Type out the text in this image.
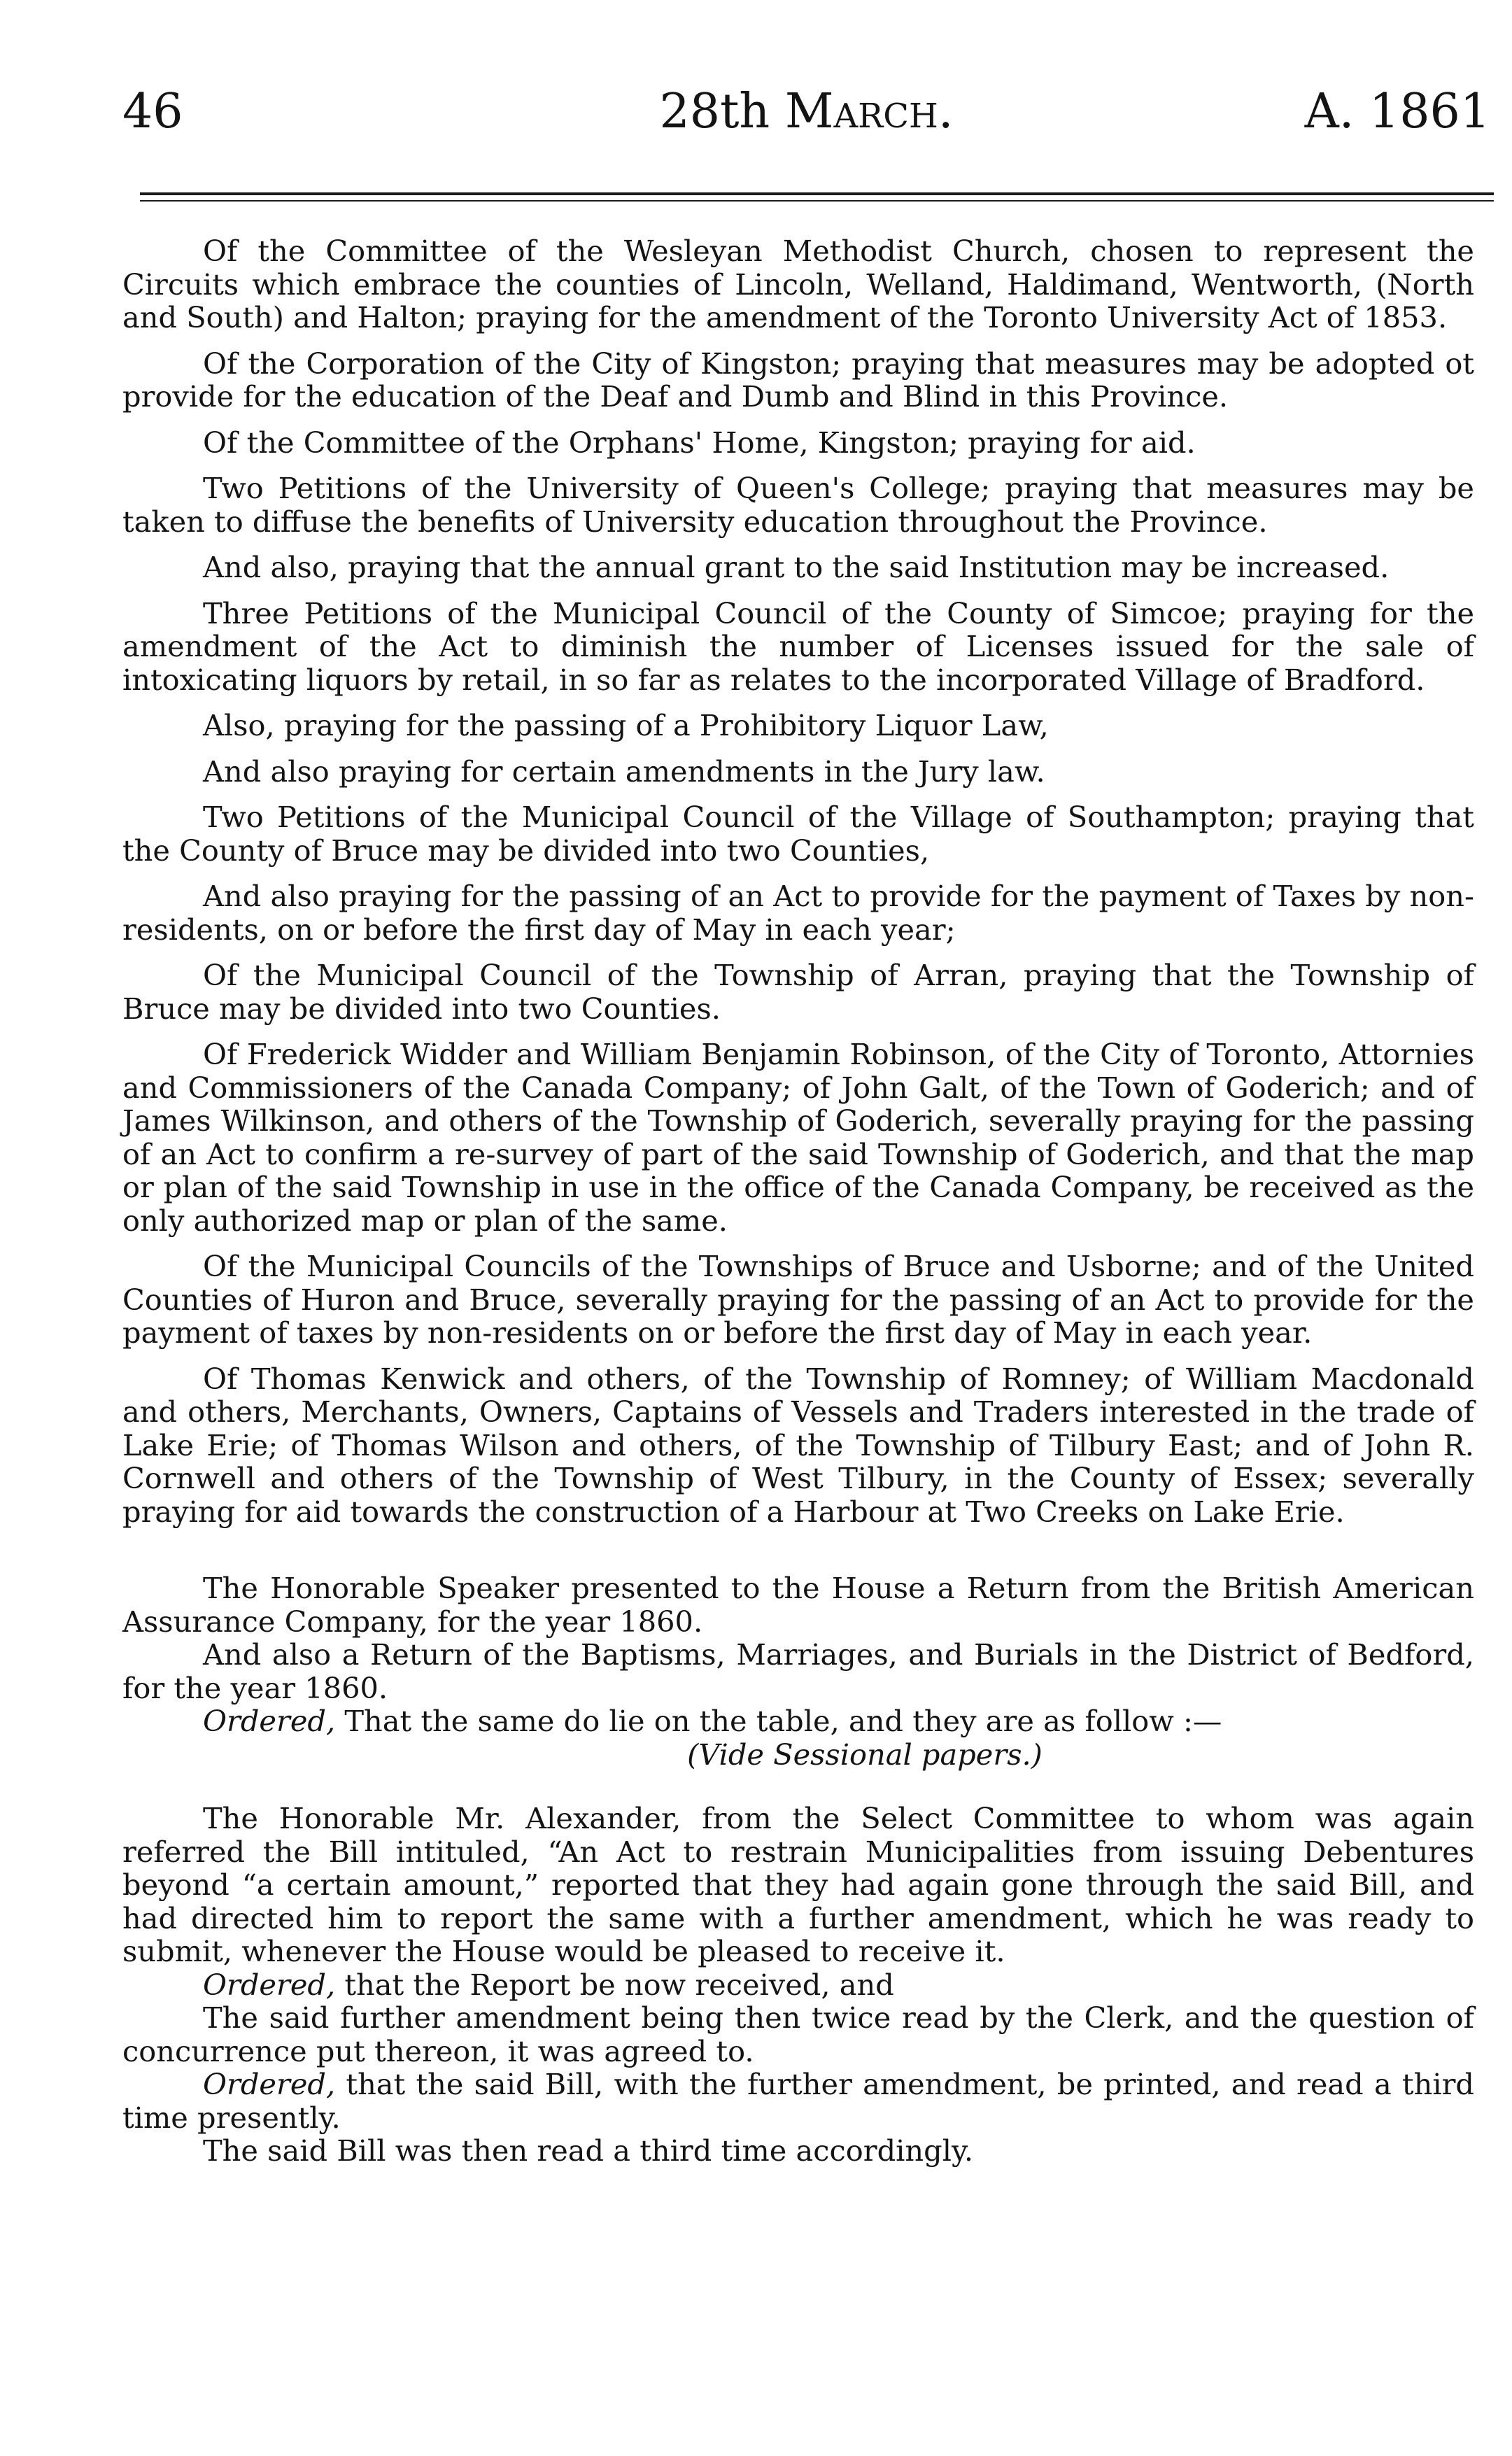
46	28th March.	A. 1861

Of the Committee of the Wesleyan Methodist Church, chosen to represent the Circuits which embrace the counties of Lincoln, Welland, Haldimand, Wentworth, (North and South) and Halton; praying for the amendment of the Toronto University Act of 1853.

Of the Corporation of the City of Kingston; praying that measures may be adopted ot provide for the education of the Deaf and Dumb and Blind in this Province.

Of the Committee of the Orphans' Home, Kingston; praying for aid.

Two Petitions of the University of Queen's College; praying that measures may be taken to diffuse the benefits of University education throughout the Province.

And also, praying that the annual grant to the said Institution may be increased.

Three Petitions of the Municipal Council of the County of Simcoe; praying for the amendment of the Act to diminish the number of Licenses issued for the sale of intoxicating liquors by retail, in so far as relates to the incorporated Village of Bradford.

Also, praying for the passing of a Prohibitory Liquor Law,

And also praying for certain amendments in the Jury law.

Two Petitions of the Municipal Council of the Village of Southampton; praying that the County of Bruce may be divided into two Counties,

And also praying for the passing of an Act to provide for the payment of Taxes by non-residents, on or before the first day of May in each year;

Of the Municipal Council of the Township of Arran, praying that the Township of Bruce may be divided into two Counties.

Of Frederick Widder and William Benjamin Robinson, of the City of Toronto, Attornies and Commissioners of the Canada Company; of John Galt, of the Town of Goderich; and of James Wilkinson, and others of the Township of Goderich, severally praying for the passing of an Act to confirm a re-survey of part of the said Township of Goderich, and that the map or plan of the said Township in use in the office of the Canada Company, be received as the only authorized map or plan of the same.

Of the Municipal Councils of the Townships of Bruce and Usborne; and of the United Counties of Huron and Bruce, severally praying for the passing of an Act to provide for the payment of taxes by non-residents on or before the first day of May in each year.

Of Thomas Kenwick and others, of the Township of Romney; of William Macdonald and others, Merchants, Owners, Captains of Vessels and Traders interested in the trade of Lake Erie; of Thomas Wilson and others, of the Township of Tilbury East; and of John R. Cornwell and others of the Township of West Tilbury, in the County of Essex; severally praying for aid towards the construction of a Harbour at Two Creeks on Lake Erie.

The Honorable Speaker presented to the House a Return from the British American Assurance Company, for the year 1860.

And also a Return of the Baptisms, Marriages, and Burials in the District of Bedford, for the year 1860.

Ordered, That the same do lie on the table, and they are as follow :—

(Vide Sessional papers.)

The Honorable Mr. Alexander, from the Select Committee to whom was again referred the Bill intituled, “An Act to restrain Municipalities from issuing Debentures beyond “a certain amount,” reported that they had again gone through the said Bill, and had directed him to report the same with a further amendment, which he was ready to submit, whenever the House would be pleased to receive it.

Ordered, that the Report be now received, and

The said further amendment being then twice read by the Clerk, and the question of concurrence put thereon, it was agreed to.

Ordered, that the said Bill, with the further amendment, be printed, and read a third time presently.

The said Bill was then read a third time accordingly.
